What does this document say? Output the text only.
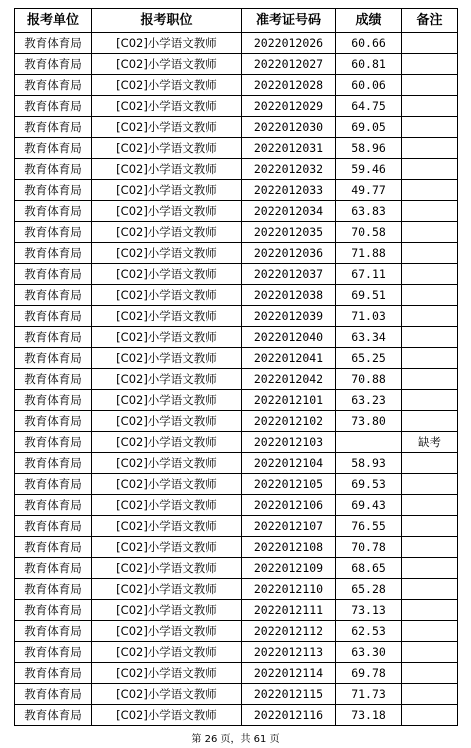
报考单位	报考职位	准考证号码	成绩	备注
教育体育局	[C02]小学语文教师	2022012026	60.66	
教育体育局	[C02]小学语文教师	2022012027	60.81	
教育体育局	[C02]小学语文教师	2022012028	60.06	
教育体育局	[C02]小学语文教师	2022012029	64.75	
教育体育局	[C02]小学语文教师	2022012030	69.05	
教育体育局	[C02]小学语文教师	2022012031	58.96	
教育体育局	[C02]小学语文教师	2022012032	59.46	
教育体育局	[C02]小学语文教师	2022012033	49.77	
教育体育局	[C02]小学语文教师	2022012034	63.83	
教育体育局	[C02]小学语文教师	2022012035	70.58	
教育体育局	[C02]小学语文教师	2022012036	71.88	
教育体育局	[C02]小学语文教师	2022012037	67.11	
教育体育局	[C02]小学语文教师	2022012038	69.51	
教育体育局	[C02]小学语文教师	2022012039	71.03	
教育体育局	[C02]小学语文教师	2022012040	63.34	
教育体育局	[C02]小学语文教师	2022012041	65.25	
教育体育局	[C02]小学语文教师	2022012042	70.88	
教育体育局	[C02]小学语文教师	2022012101	63.23	
教育体育局	[C02]小学语文教师	2022012102	73.80	
教育体育局	[C02]小学语文教师	2022012103		缺考
教育体育局	[C02]小学语文教师	2022012104	58.93	
教育体育局	[C02]小学语文教师	2022012105	69.53	
教育体育局	[C02]小学语文教师	2022012106	69.43	
教育体育局	[C02]小学语文教师	2022012107	76.55	
教育体育局	[C02]小学语文教师	2022012108	70.78	
教育体育局	[C02]小学语文教师	2022012109	68.65	
教育体育局	[C02]小学语文教师	2022012110	65.28	
教育体育局	[C02]小学语文教师	2022012111	73.13	
教育体育局	[C02]小学语文教师	2022012112	62.53	
教育体育局	[C02]小学语文教师	2022012113	63.30	
教育体育局	[C02]小学语文教师	2022012114	69.78	
教育体育局	[C02]小学语文教师	2022012115	71.73	
教育体育局	[C02]小学语文教师	2022012116	73.18	
第 26 页，共 61 页
